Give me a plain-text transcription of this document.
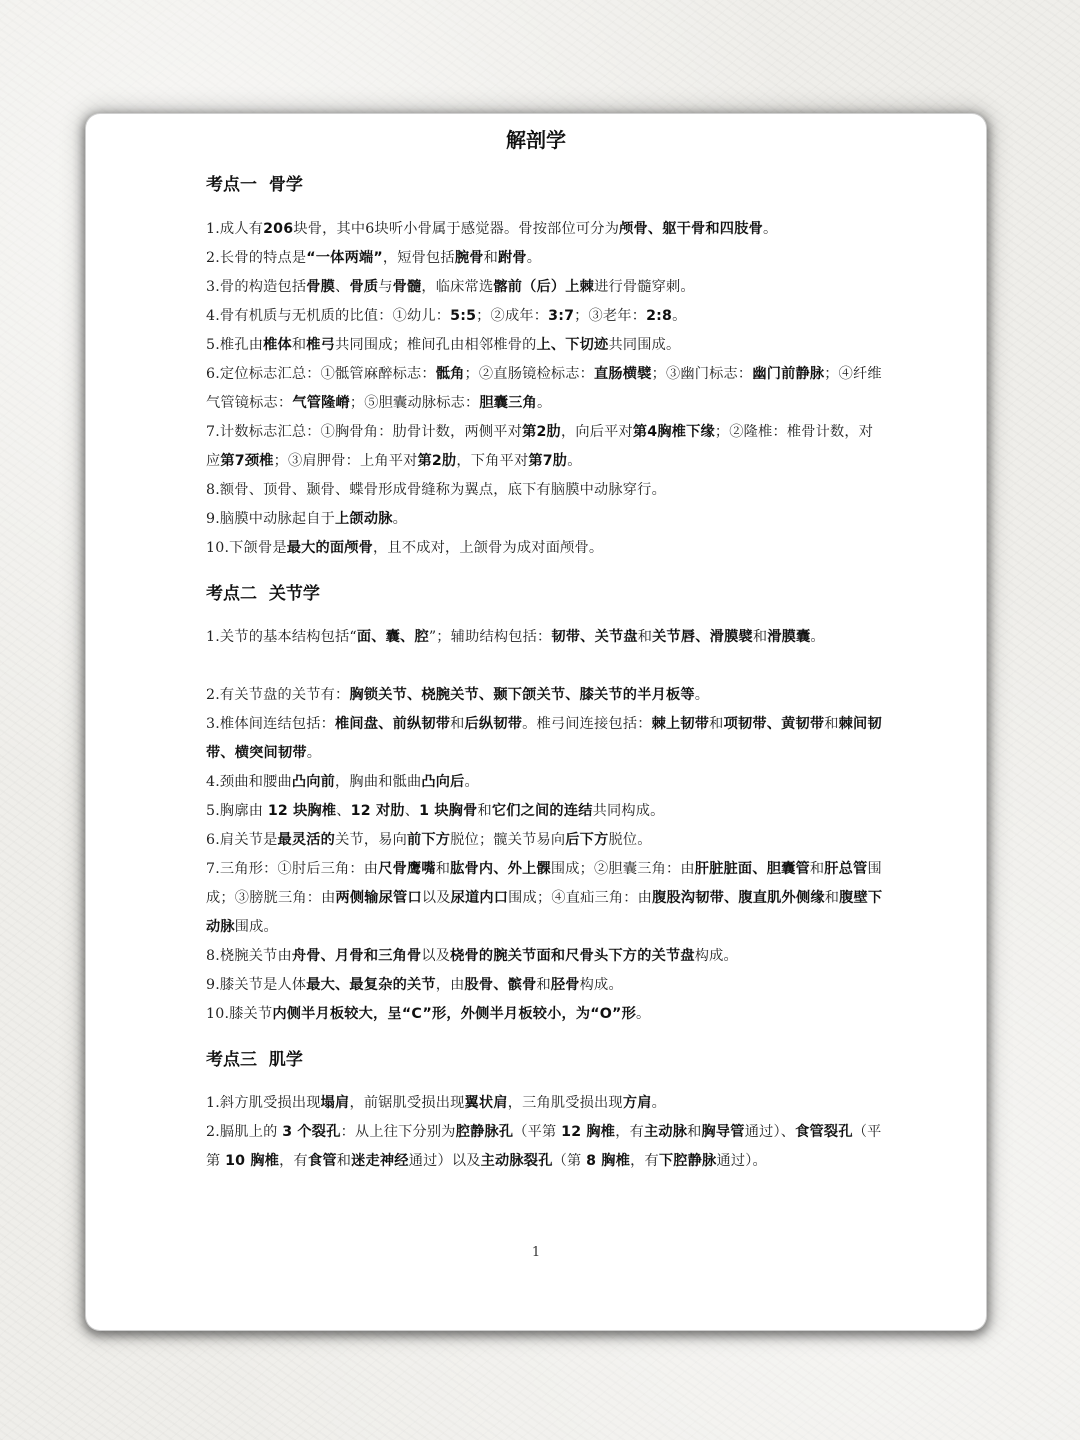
解剖学
考点一  骨学

1.成人有206块骨，其中6块听小骨属于感觉器。骨按部位可分为颅骨、躯干骨和四肢骨。

2.长骨的特点是“一体两端”，短骨包括腕骨和跗骨。

3.骨的构造包括骨膜、骨质与骨髓，临床常选髂前（后）上棘进行骨髓穿刺。

4.骨有机质与无机质的比值：①幼儿：5:5；②成年：3:7；③老年：2:8。

5.椎孔由椎体和椎弓共同围成；椎间孔由相邻椎骨的上、下切迹共同围成。

6.定位标志汇总：①骶管麻醉标志：骶角；②直肠镜检标志：直肠横襞；③幽门标志：幽门前静脉；④纤维气管镜标志：气管隆嵴；⑤胆囊动脉标志：胆囊三角。

7.计数标志汇总：①胸骨角：肋骨计数，两侧平对第2肋，向后平对第4胸椎下缘；②隆椎：椎骨计数，对应第7颈椎；③肩胛骨：上角平对第2肋，下角平对第7肋。

8.额骨、顶骨、颞骨、蝶骨形成骨缝称为翼点，底下有脑膜中动脉穿行。

9.脑膜中动脉起自于上颌动脉。

10.下颌骨是最大的面颅骨，且不成对，上颌骨为成对面颅骨。

考点二  关节学

1.关节的基本结构包括“面、囊、腔”；辅助结构包括：韧带、关节盘和关节唇、滑膜襞和滑膜囊。

2.有关节盘的关节有：胸锁关节、桡腕关节、颞下颌关节、膝关节的半月板等。

3.椎体间连结包括：椎间盘、前纵韧带和后纵韧带。椎弓间连接包括：棘上韧带和项韧带、黄韧带和棘间韧带、横突间韧带。

4.颈曲和腰曲凸向前，胸曲和骶曲凸向后。

5.胸廓由 12 块胸椎、12 对肋、1 块胸骨和它们之间的连结共同构成。

6.肩关节是最灵活的关节，易向前下方脱位；髋关节易向后下方脱位。

7.三角形：①肘后三角：由尺骨鹰嘴和肱骨内、外上髁围成；②胆囊三角：由肝脏脏面、胆囊管和肝总管围成；③膀胱三角：由两侧输尿管口以及尿道内口围成；④直疝三角：由腹股沟韧带、腹直肌外侧缘和腹壁下动脉围成。

8.桡腕关节由舟骨、月骨和三角骨以及桡骨的腕关节面和尺骨头下方的关节盘构成。

9.膝关节是人体最大、最复杂的关节，由股骨、髌骨和胫骨构成。

10.膝关节内侧半月板较大，呈“C”形，外侧半月板较小，为“O”形。

考点三  肌学

1.斜方肌受损出现塌肩，前锯肌受损出现翼状肩，三角肌受损出现方肩。

2.膈肌上的 3 个裂孔：从上往下分别为腔静脉孔（平第 12 胸椎，有主动脉和胸导管通过）、食管裂孔（平第 10 胸椎，有食管和迷走神经通过）以及主动脉裂孔（第 8 胸椎，有下腔静脉通过）。

1
